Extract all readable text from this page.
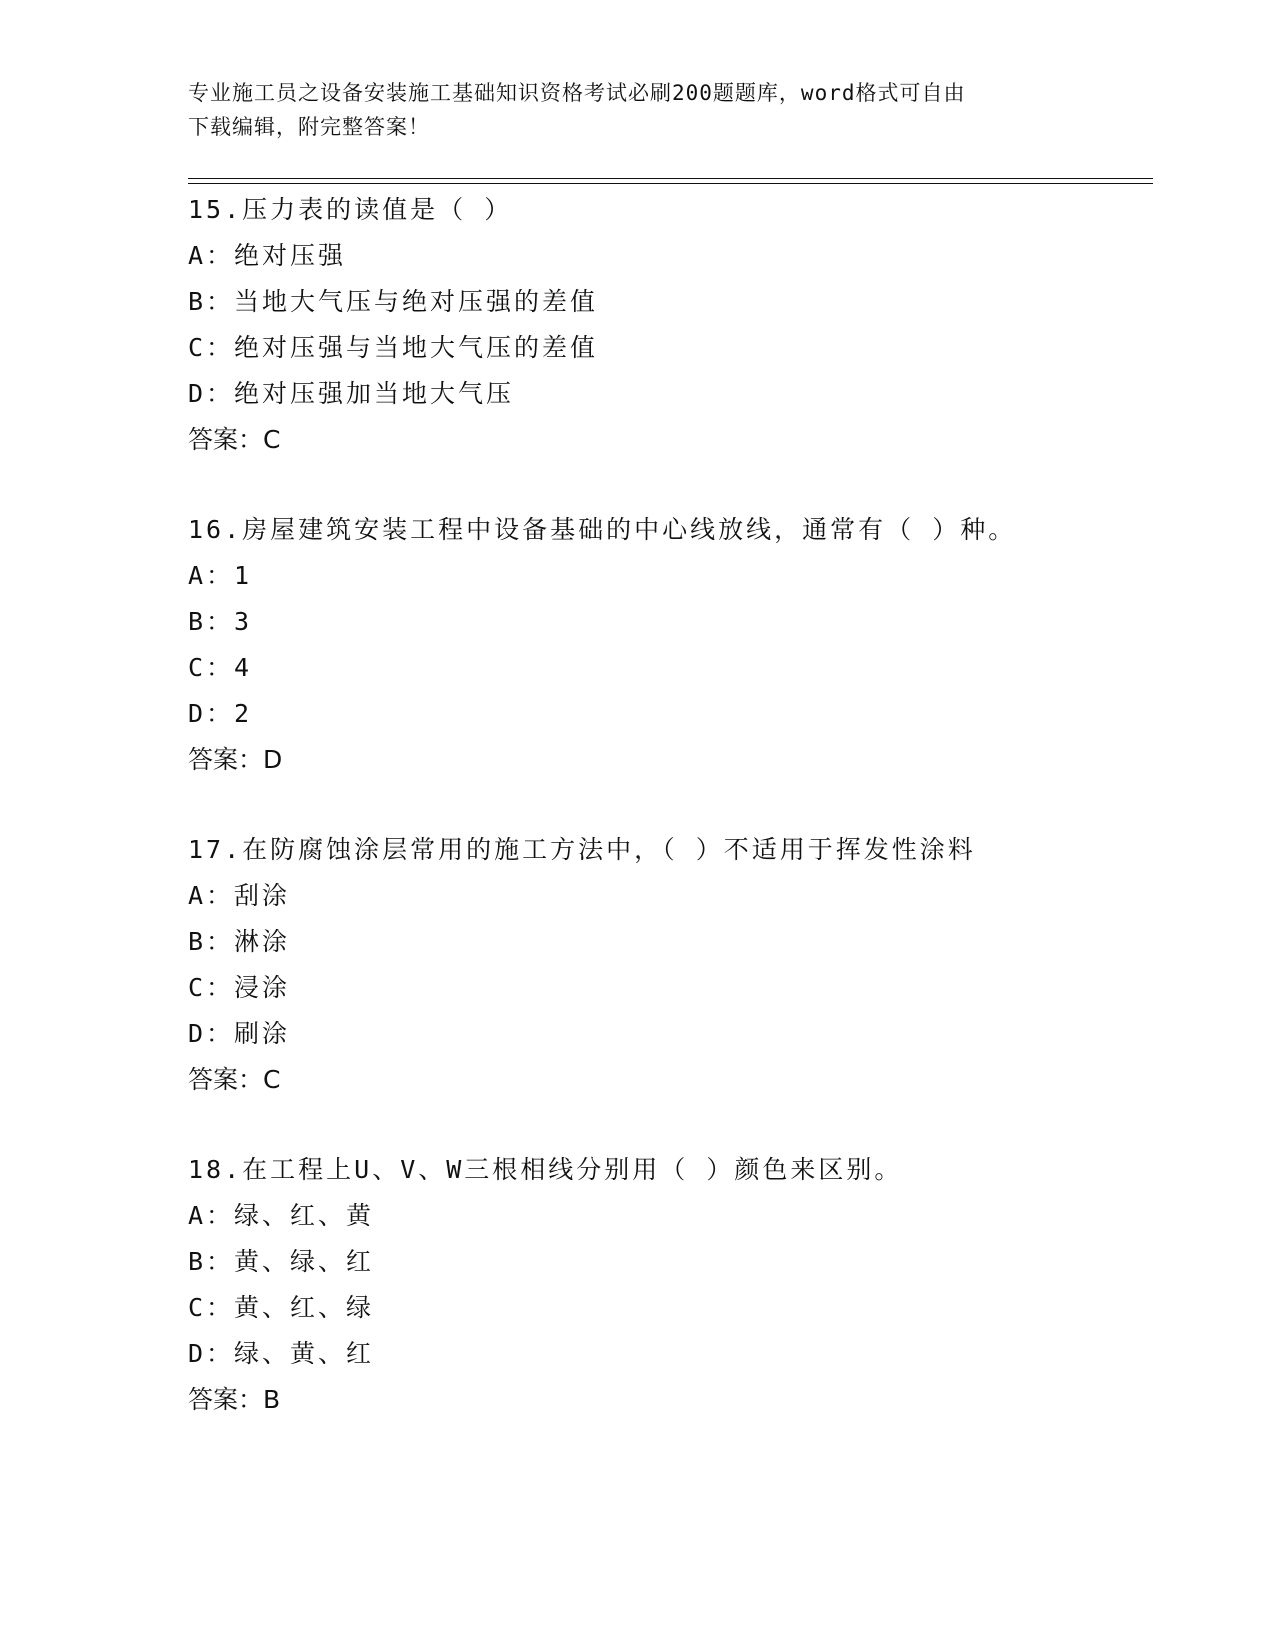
专业施工员之设备安装施工基础知识资格考试必刷200题题库，word格式可自由
下载编辑，附完整答案！
15.压力表的读值是（ ）
A：绝对压强
B：当地大气压与绝对压强的差值
C：绝对压强与当地大气压的差值
D：绝对压强加当地大气压
答案：C
16.房屋建筑安装工程中设备基础的中心线放线，通常有（ ）种。
A：1
B：3
C：4
D：2
答案：D
17.在防腐蚀涂层常用的施工方法中，（ ）不适用于挥发性涂料
A：刮涂
B：淋涂
C：浸涂
D：刷涂
答案：C
18.在工程上U、V、W三根相线分别用（ ）颜色来区别。
A：绿、红、黄
B：黄、绿、红
C：黄、红、绿
D：绿、黄、红
答案：B
